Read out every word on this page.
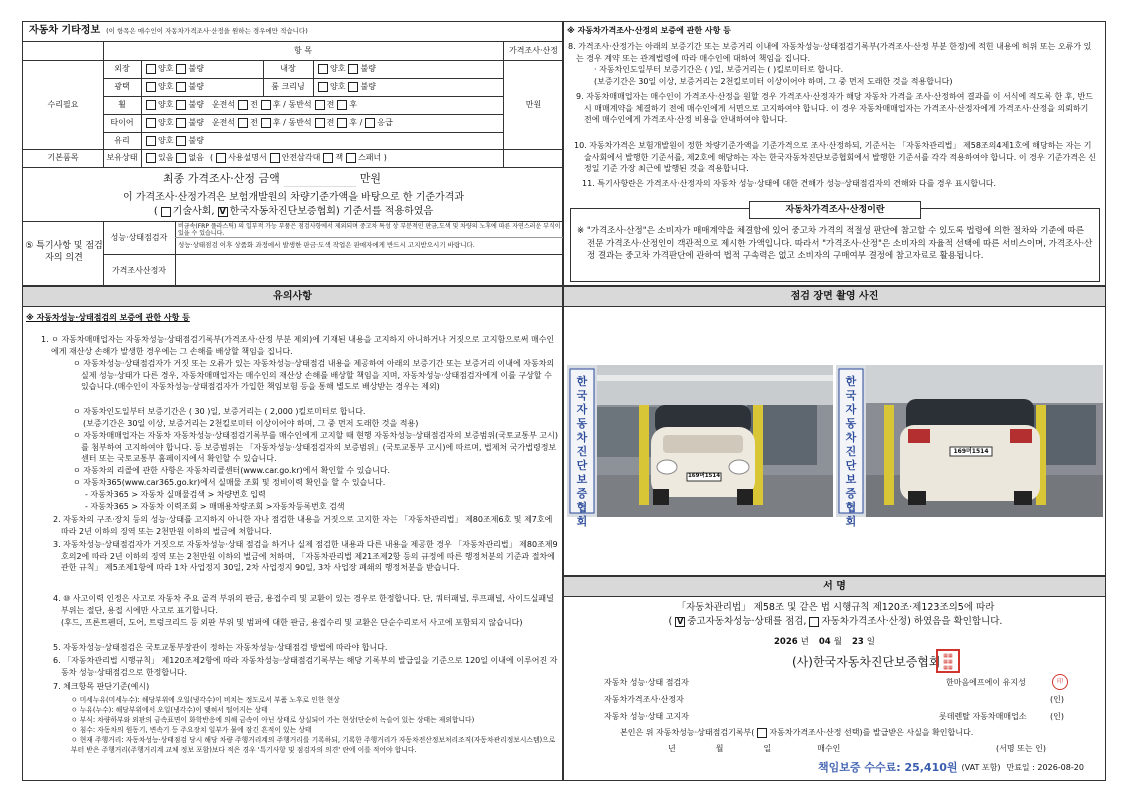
자동차 기타정보 (이 항목은 매수인이 자동차가격조사·산정을 원하는 경우에만 적습니다)
항 목	가격조사·산정
수리필요	만원
외장	양호 불량	내장	양호 불량
광택	양호 불량	룸 크리닝	양호 불량
휠	양호 불량 운전석 전 후 / 동반석 전 후
타이어	양호 불량 운전석 전 후 / 동반석 전 후 / 응급
유리	양호 불량
기본품목	보유상태	있음 없음 ( 사용설명서 안전삼각대 잭 스패너 )
최종 가격조사·산정 금액	만원
이 가격조사·산정가격은 보험개발원의 차량기준가액을 바탕으로 한 기준가격과
( 기술사회, V 한국자동차진단보증협회) 기준서를 적용하였음
⑤ 특기사항 및 점검자의 의견
성능·상태점검자
비금속(FRP 플라스틱) 의 일부적 가능 부품은 점검사항에서 제외되며 중고차 특성 상 부분적인 판금,도색 및 차량의 노후에 따른 자연스러운 부식이 있을 수 있습니다.
성능·상태점검 이후 상품화 과정에서 발생한 판금·도색 작업은 판매자에게 반드시 고지받으시기 바랍니다.
가격조사산정자
※ 자동차가격조사·산정의 보증에 관한 사항 등
8. 가격조사·산정가는 아래의 보증기간 또는 보증거리 이내에 자동차성능·상태점검기록부(가격조사·산정 부분 한정)에 적힌 내용에 허위 또는 오류가 있는 경우 계약 또는 관계법령에 따라 매수인에 대하여 책임을 집니다.
· 자동차인도일부터 보증기간은 ( )일, 보증거리는 ( )킬로미터로 합니다.
(보증기간은 30일 이상, 보증거리는 2천킬로미터 이상이어야 하며, 그 중 먼저 도래한 것을 적용합니다)
9. 자동차매매업자는 매수인이 가격조사·산정을 원할 경우 가격조사·산정자가 해당 자동차 가격을 조사·산정하여 결과를 이 서식에 적도록 한 후, 반드시 매매계약을 체결하기 전에 매수인에게 서면으로 고지하여야 합니다. 이 경우 자동차매매업자는 가격조사·산정자에게 가격조사·산정을 의뢰하기 전에 매수인에게 가격조사·산정 비용을 안내하여야 합니다.
10. 자동차가격은 보험개발원이 정한 차량기준가액을 기준가격으로 조사·산정하되, 기준서는 「자동차관리법」 제58조의4제1호에 해당하는 자는 기술사회에서 발행한 기준서를, 제2호에 해당하는 자는 한국자동차진단보증협회에서 발행한 기준서를 각각 적용하여야 합니다. 이 경우 기준가격은 신정일 기준 가장 최근에 발행된 것을 적용합니다.
11. 특기사항란은 가격조사·산정자의 자동차 성능·상태에 대한 견해가 성능·상태점검자의 견해와 다를 경우 표시합니다.
자동차가격조사·산정이란
※ "가격조사·산정"은 소비자가 매매계약을 체결함에 있어 중고차 가격의 적절성 판단에 참고할 수 있도록 법령에 의한 절차와 기준에 따른 전문 가격조사·산정인이 객관적으로 제시한 가액입니다. 따라서 "가격조사·산정"은 소비자의 자율적 선택에 따른 서비스이며, 가격조사·산정 결과는 중고차 가격판단에 관하여 법적 구속력은 없고 소비자의 구매여부 결정에 참고자료로 활용됩니다.
유의사항
※ 자동차성능·상태점검의 보증에 관한 사항 등
1. ㅇ 자동차매매업자는 자동차성능·상태점검기록부(가격조사·산정 부분 제외)에 기재된 내용을 고지하지 아니하거나 거짓으로 고지함으로써 매수인에게 재산상 손해가 발생한 경우에는 그 손해를 배상할 책임을 집니다.
ㅇ 자동차성능·상태점검자가 거짓 또는 오류가 있는 자동차성능·상태점검 내용을 제공하여 아래의 보증기간 또는 보증거리 이내에 자동차의 실제 성능·상태가 다른 경우, 자동차매매업자는 매수인의 재산상 손해를 배상할 책임을 지며, 자동차성능·상태점검자에게 이를 구상할 수 있습니다.(매수인이 자동차성능·상태점검자가 가입한 책임보험 등을 통해 별도로 배상받는 경우는 제외)
ㅇ 자동차인도일부터 보증기간은 ( 30 )일, 보증거리는 ( 2,000 )킬로미터로 합니다.
(보증기간은 30일 이상, 보증거리는 2천킬로미터 이상이어야 하며, 그 중 먼저 도래한 것을 적용)
ㅇ 자동차매매업자는 자동차 자동차성능·상태점검기록부를 매수인에게 고지할 때 현행 자동차성능·상태점검자의 보증범위(국토교통부 고시)를 첨부하여 고지하여야 합니다. 등 보증범위는 「자동차성능·상태점검자의 보증범위」(국토교통부 고시)에 따르며, 법제처 국가법령정보센터 또는 국토교통부 홈페이지에서 확인할 수 있습니다.
ㅇ 자동차의 리콜에 관한 사항은 자동차리콜센터(www.car.go.kr)에서 확인할 수 있습니다.
ㅇ 자동차365(www.car365.go.kr)에서 실매물 조회 및 정비이력 확인을 할 수 있습니다.
- 자동차365 > 자동차 실매물검색 > 차량번호 입력
- 자동차365 > 자동차 이력조회 > 매매용차량조회 >자동차등록번호 검색
2. 자동차의 구조·장치 등의 성능·상태를 고지하지 아니한 자나 점검한 내용을 거짓으로 고지한 자는 「자동차관리법」 제80조제6호 및 제7호에 따라 2년 이하의 징역 또는 2천만원 이하의 벌금에 처합니다.
3. 자동차성능·상태점검자가 거짓으로 자동차성능·상태 점검을 하거나 실제 점검한 내용과 다른 내용을 제공한 경우 「자동차관리법」 제80조제9호의2에 따라 2년 이하의 징역 또는 2천만원 이하의 벌금에 처하며, 「자동차관리법 제21조제2항 등의 규정에 따른 행정처분의 기준과 절차에 관한 규칙」 제5조제1항에 따라 1차 사업정지 30일, 2차 사업정지 90일, 3차 사업장 폐쇄의 행정처분을 받습니다.
4. ⑩ 사고이력 인정은 사고로 자동차 주요 골격 부위의 판금, 용접수리 및 교환이 있는 경우로 한정합니다. 단, 쿼터패널, 루프패널, 사이드실패널 부위는 절단, 용접 시에만 사고로 표기합니다.
(후드, 프론트펜더, 도어, 트렁크리드 등 외판 부위 및 범퍼에 대한 판금, 용접수리 및 교환은 단순수리로서 사고에 포함되지 않습니다)
5. 자동차성능·상태점검은 국토교통부장관이 정하는 자동차성능·상태점검 방법에 따라야 합니다.
6. 「자동차관리법 시행규칙」 제120조제2항에 따라 자동차성능·상태점검기록부는 해당 기록부의 발급일을 기준으로 120일 이내에 이루어진 자동차 성능·상태점검으로 한정합니다.
7. 체크항목 판단기준(예시)
ㅇ 미세누유(미세누수): 해당부위에 오일(냉각수)이 비치는 정도로서 부품 노후로 인한 현상
ㅇ 누유(누수): 해당부위에서 오일(냉각수)이 맺혀서 떨어지는 상태
ㅇ 부식: 차량하부와 외판의 금속표면이 화학반응에 의해 금속이 아닌 상태로 상실되어 가는 현상(단순히 녹슬어 있는 상태는 제외합니다)
ㅇ 침수: 자동차의 원동기, 변속기 등 주요장치 일부가 물에 잠긴 흔적이 있는 상태
ㅇ 현재 주행거리: 자동차성능·상태점검 당시 해당 차량 주행거리계의 주행거리를 기록하되, 기록한 주행거리가 자동차전산정보처리조직(자동차관리정보시스템)으로부터 받은 주행거리(주행거리계 교체 정보 포함)보다 적은 경우 '특기사항 및 점검자의 의견' 란에 이를 적어야 합니다.
점검 장면 촬영 사진
한국자동차진단보증협회
169머1514
한국자동차진단보증협회
169머1514
서 명
「자동차관리법」 제58조 및 같은 법 시행규칙 제120조·제123조의5에 따라
( V 중고자동차성능·상태를 점검, 자동차가격조사·산정) 하였음을 확인합니다.
2026 년 04 월 23 일
(사)한국자동차진단보증협회 ▦▦
▦▦
▦▦
자동차 성능·상태 점검자	한마음에프에이 유지성	印
자동차가격조사·산정자	(인)
자동차 성능·상태 고지자	롯데렌탈 자동차매매업소	(인)
본인은 위 자동차성능·상태점검기록부( 자동차가격조사·산정 선택)를 발급받은 사실을 확인합니다.
년	월	일	매수인	(서명 또는 인)
책임보증 수수료: 25,410원 (VAT 포함) 만료일 : 2026-08-20
